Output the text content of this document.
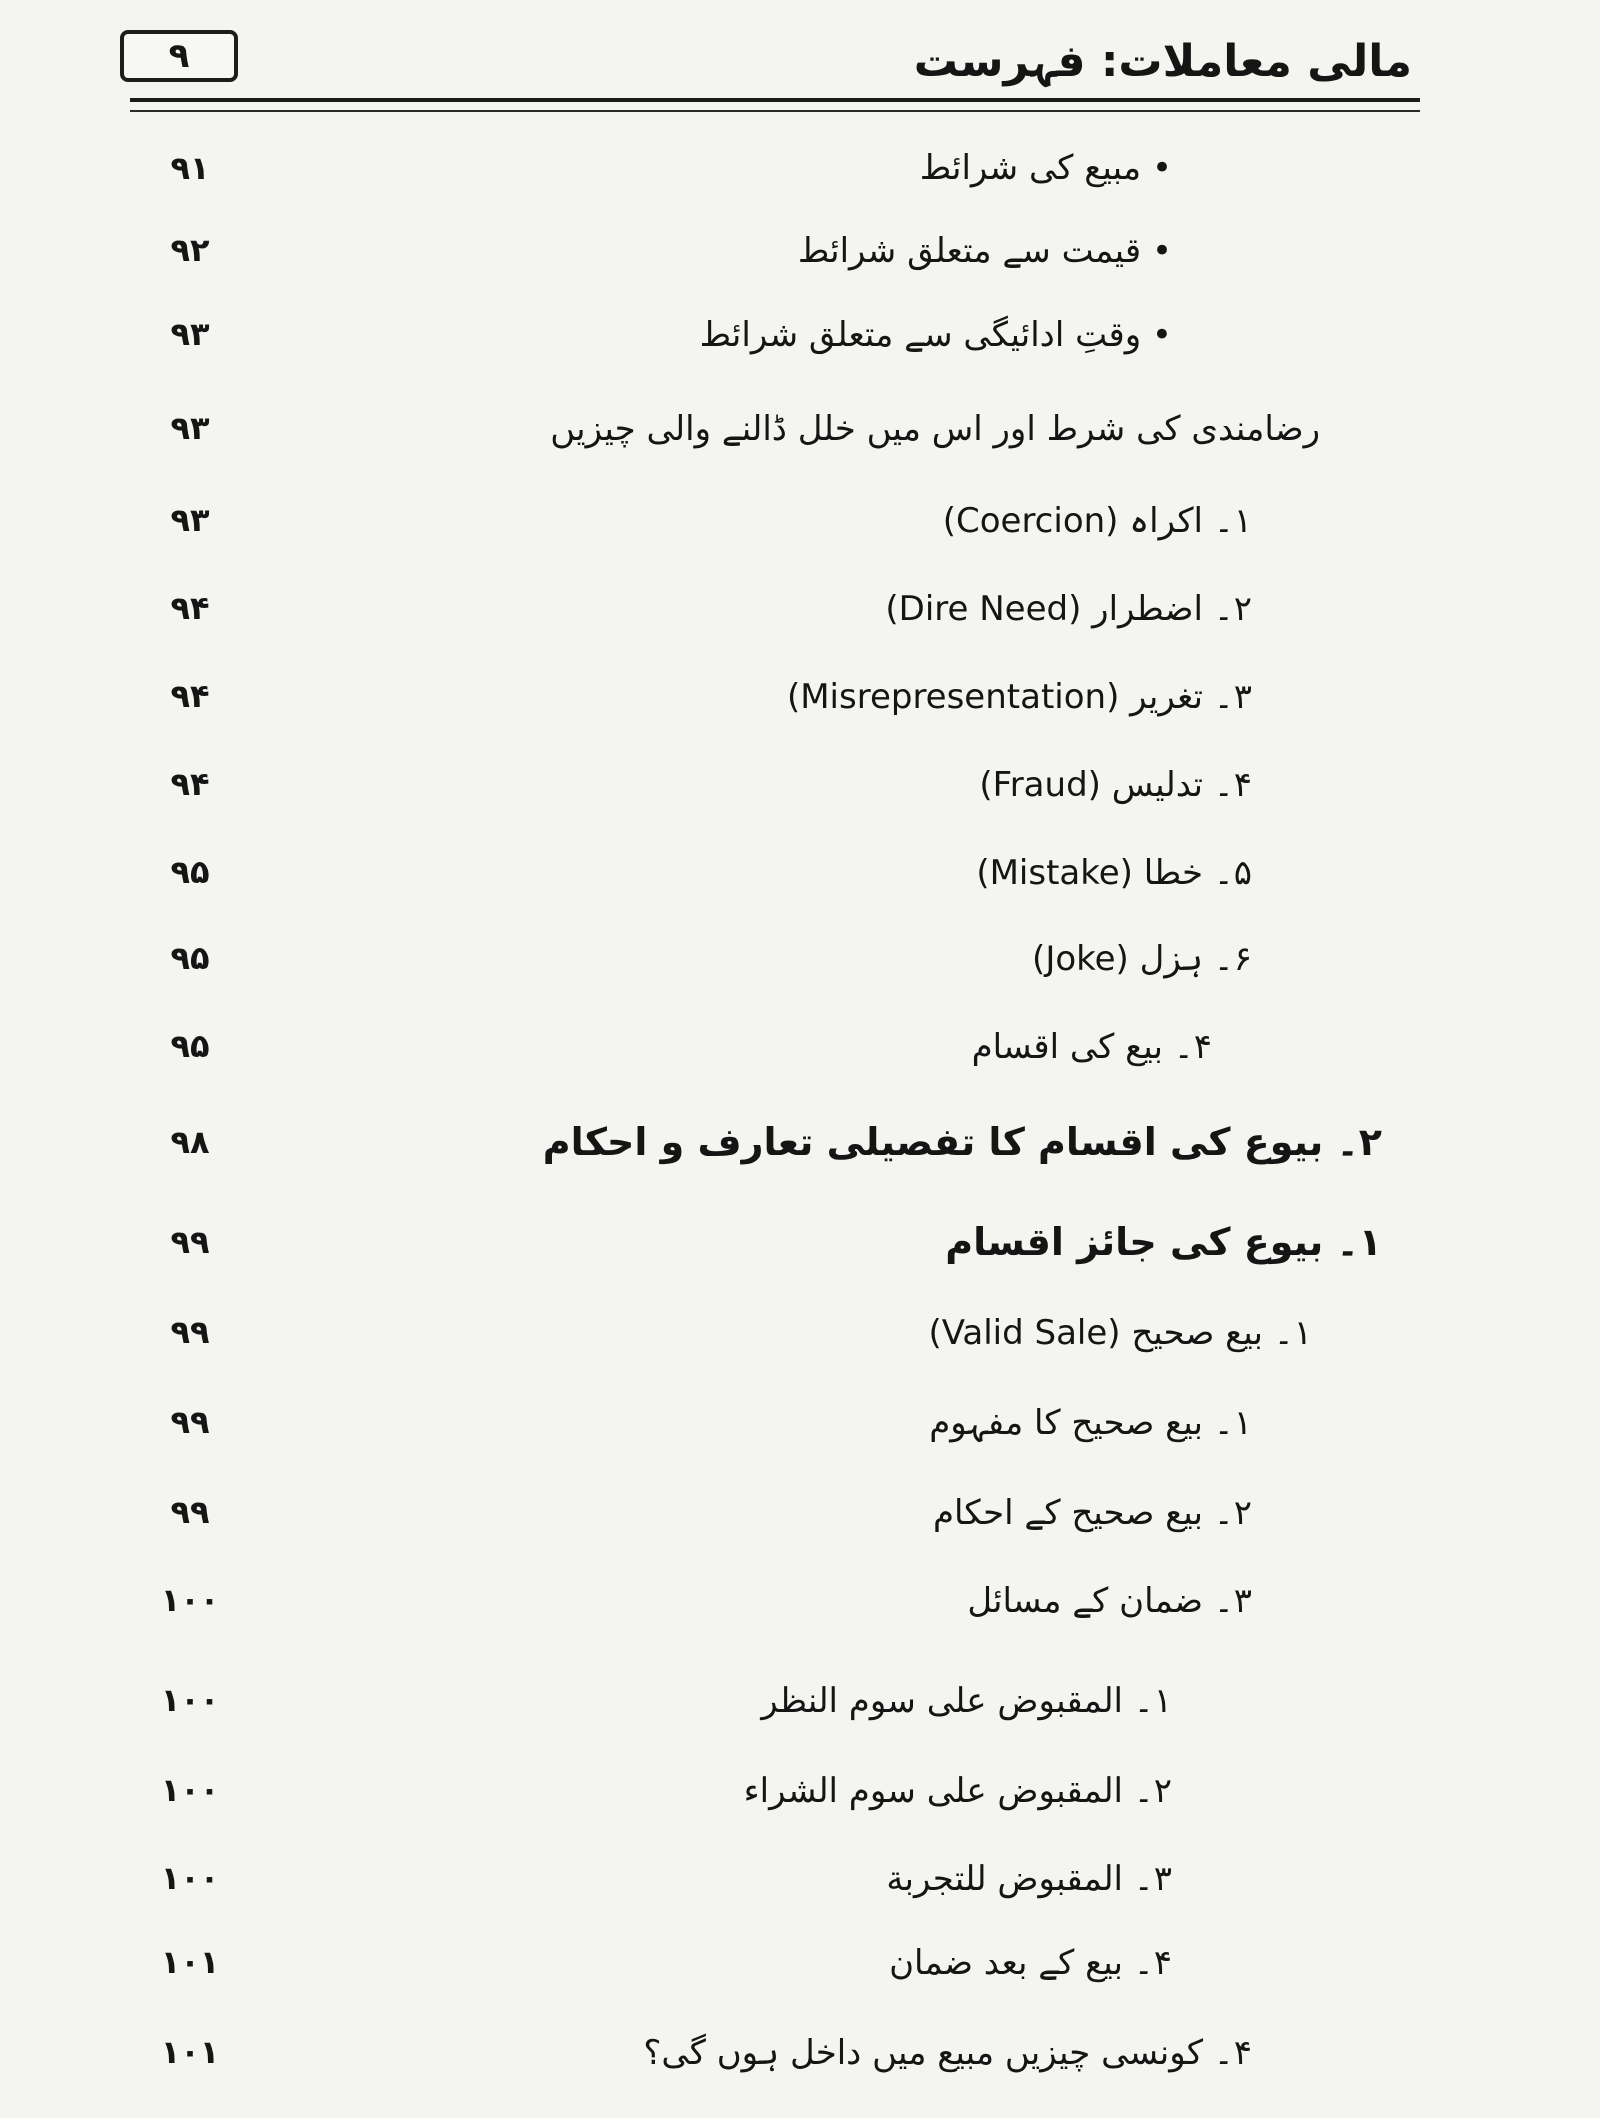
۹	مالی معاملات: فہرست
• مبیع کی شرائط
۹۱
• قیمت سے متعلق شرائط
۹۲
• وقتِ ادائیگی سے متعلق شرائط
۹۳
رضامندی کی شرط اور اس میں خلل ڈالنے والی چیزیں
۹۳
۱۔ اکراہ (Coercion)
۹۳
۲۔ اضطرار (Dire Need)
۹۴
۳۔ تغریر (Misrepresentation)
۹۴
۴۔ تدلیس (Fraud)
۹۴
۵۔ خطا (Mistake)
۹۵
۶۔ ہزل (Joke)
۹۵
۴۔ بیع کی اقسام
۹۵
۲۔ بیوع کی اقسام کا تفصیلی تعارف و احکام
۹۸
۱۔ بیوع کی جائز اقسام
۹۹
۱۔ بیع صحیح (Valid Sale)
۹۹
۱۔ بیع صحیح کا مفہوم
۹۹
۲۔ بیع صحیح کے احکام
۹۹
۳۔ ضمان کے مسائل
۱۰۰
۱۔ المقبوض على سوم النظر
۱۰۰
۲۔ المقبوض على سوم الشراء
۱۰۰
۳۔ المقبوض للتجربة
۱۰۰
۴۔ بیع کے بعد ضمان
۱۰۱
۴۔ کونسی چیزیں مبیع میں داخل ہوں گی؟
۱۰۱
